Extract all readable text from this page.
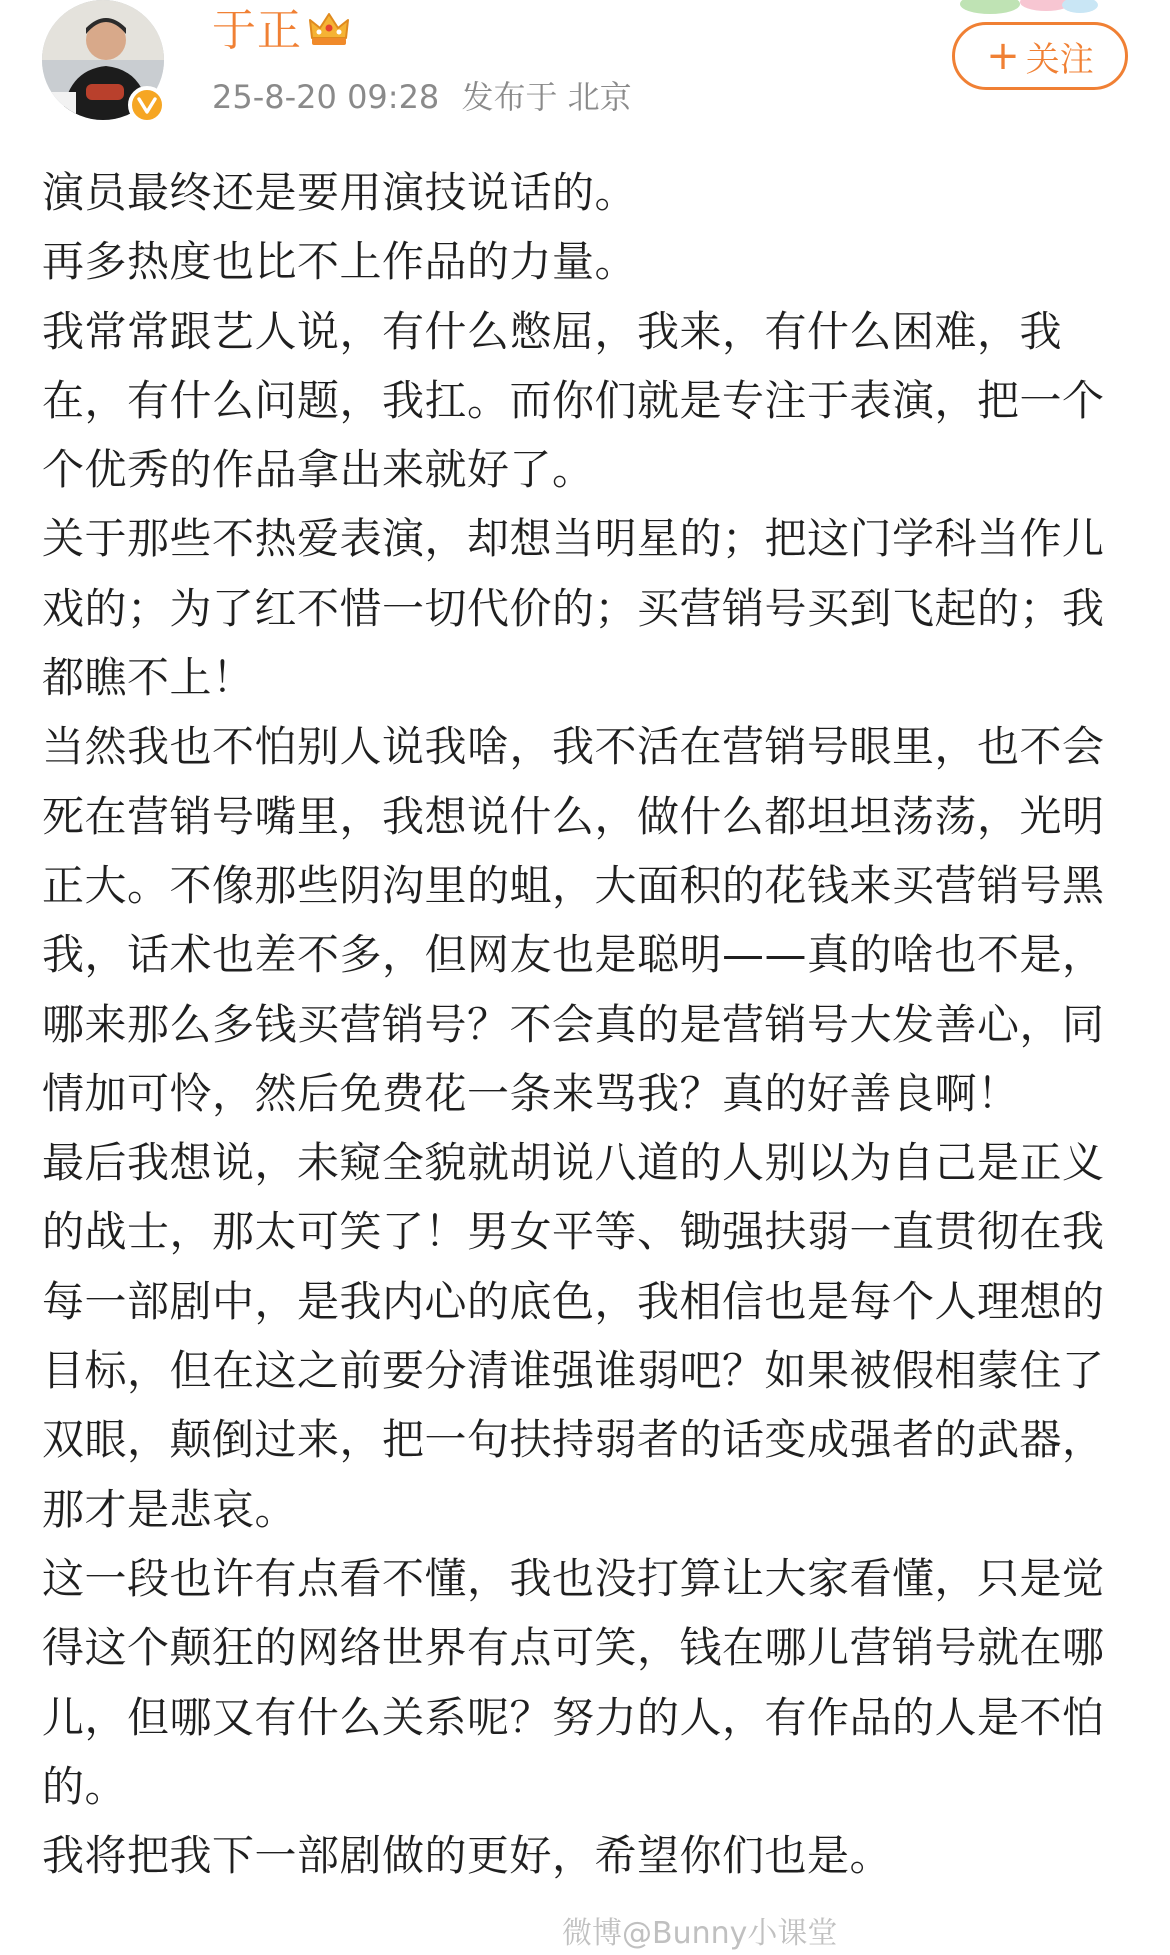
于正
25-8-20 09:28 发布于 北京
+ 关注

演员最终还是要用演技说话的。

再多热度也比不上作品的力量。

我常常跟艺人说，有什么憋屈，我来，有什么困难，我在，有什么问题，我扛。而你们就是专注于表演，把一个个优秀的作品拿出来就好了。

关于那些不热爱表演，却想当明星的；把这门学科当作儿戏的；为了红不惜一切代价的；买营销号买到飞起的；我都瞧不上！

当然我也不怕别人说我啥，我不活在营销号眼里，也不会死在营销号嘴里，我想说什么，做什么都坦坦荡荡，光明正大。不像那些阴沟里的蛆，大面积的花钱来买营销号黑我，话术也差不多，但网友也是聪明——真的啥也不是，哪来那么多钱买营销号？不会真的是营销号大发善心，同情加可怜，然后免费花一条来骂我？真的好善良啊！

最后我想说，未窥全貌就胡说八道的人别以为自己是正义的战士，那太可笑了！男女平等、锄强扶弱一直贯彻在我每一部剧中，是我内心的底色，我相信也是每个人理想的目标，但在这之前要分清谁强谁弱吧？如果被假相蒙住了双眼，颠倒过来，把一句扶持弱者的话变成强者的武器，那才是悲哀。

这一段也许有点看不懂，我也没打算让大家看懂，只是觉得这个颠狂的网络世界有点可笑，钱在哪儿营销号就在哪儿，但哪又有什么关系呢？努力的人，有作品的人是不怕的。

我将把我下一部剧做的更好，希望你们也是。

微博@Bunny小课堂
